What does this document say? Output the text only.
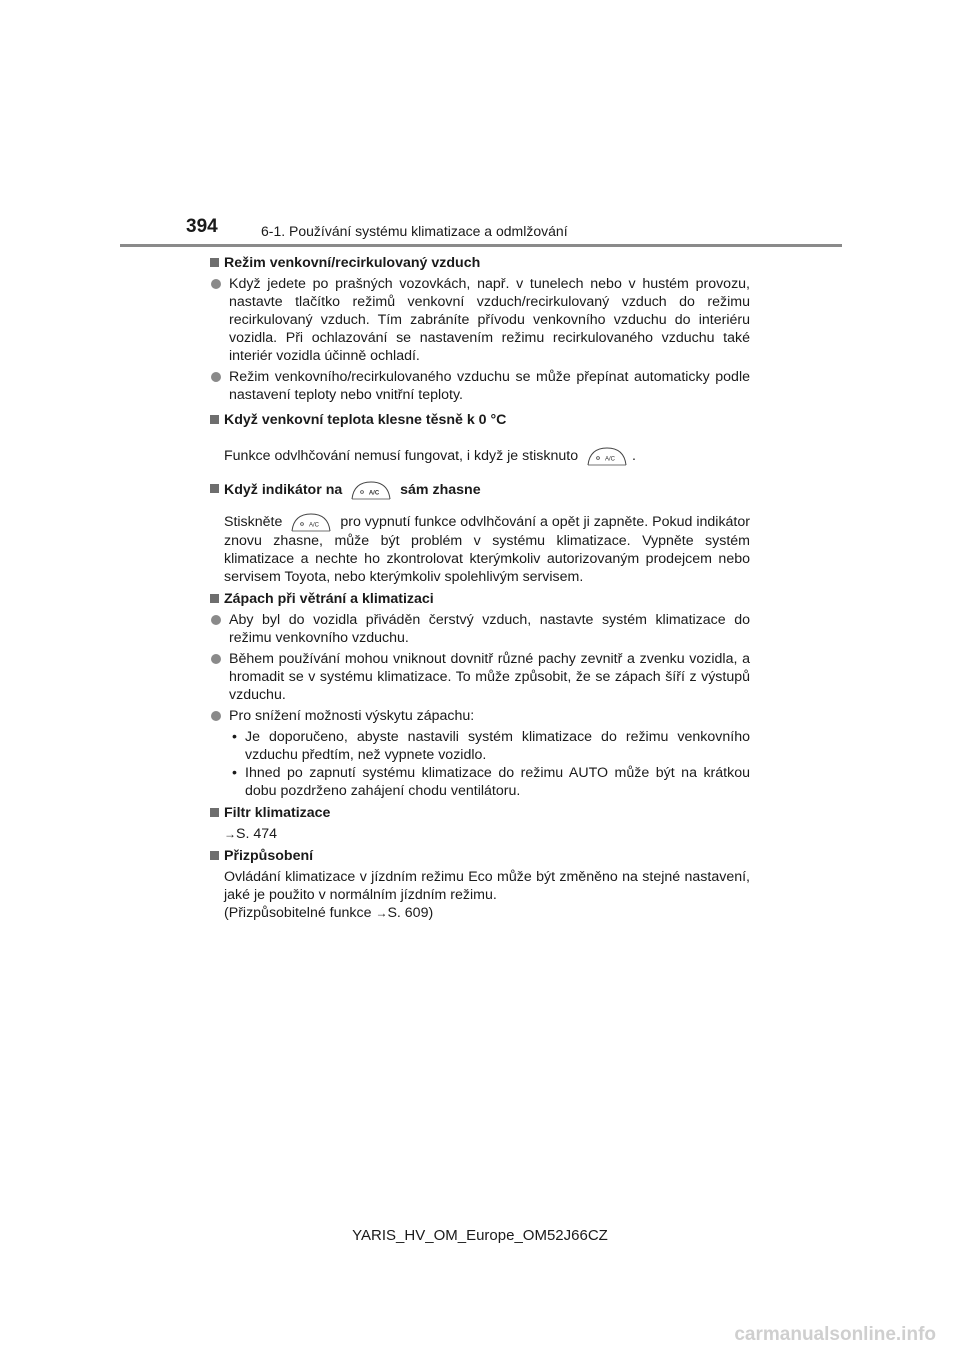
394	6-1. Používání systému klimatizace a odmlžování
Režim venkovní/recirkulovaný vzduch
Když jedete po prašných vozovkách, např. v tunelech nebo v hustém provozu, nastavte tlačítko režimů venkovní vzduch/recirkulovaný vzduch do režimu recirkulovaný vzduch. Tím zabráníte přívodu venkovního vzduchu do interiéru vozidla. Při ochlazování se nastavením režimu recirkulovaného vzduchu také interiér vozidla účinně ochladí.
Režim venkovního/recirkulovaného vzduchu se může přepínat automaticky podle nastavení teploty nebo vnitřní teploty.
Když venkovní teplota klesne těsně k 0 °C

Funkce odvlhčování nemusí fungovat, i když je stisknuto	A/C .

Když indikátor na	A/C sám zhasne

Stiskněte	A/C pro vypnutí funkce odvlhčování a opět ji zapněte. Pokud indikátor znovu zhasne, může být problém v systému klimatizace. Vypněte systém klimatizace a nechte ho zkontrolovat kterýmkoliv autorizovaným prodejcem nebo servisem Toyota, nebo kterýmkoliv spolehlivým servisem.

Zápach při větrání a klimatizaci
Aby byl do vozidla přiváděn čerstvý vzduch, nastavte systém klimatizace do režimu venkovního vzduchu.
Během používání mohou vniknout dovnitř různé pachy zevnitř a zvenku vozidla, a hromadit se v systému klimatizace. To může způsobit, že se zápach šíří z výstupů vzduchu.
Pro snížení možnosti výskytu zápachu:
• Je doporučeno, abyste nastavili systém klimatizace do režimu venkovního vzduchu předtím, než vypnete vozidlo.
• Ihned po zapnutí systému klimatizace do režimu AUTO může být na krátkou dobu pozdrženo zahájení chodu ventilátoru.
Filtr klimatizace

→S. 474

Přizpůsobení

Ovládání klimatizace v jízdním režimu Eco může být změněno na stejné nastavení, jaké je použito v normálním jízdním režimu.

(Přizpůsobitelné funkce →S. 609)

YARIS_HV_OM_Europe_OM52J66CZ
carmanualsonline.info
